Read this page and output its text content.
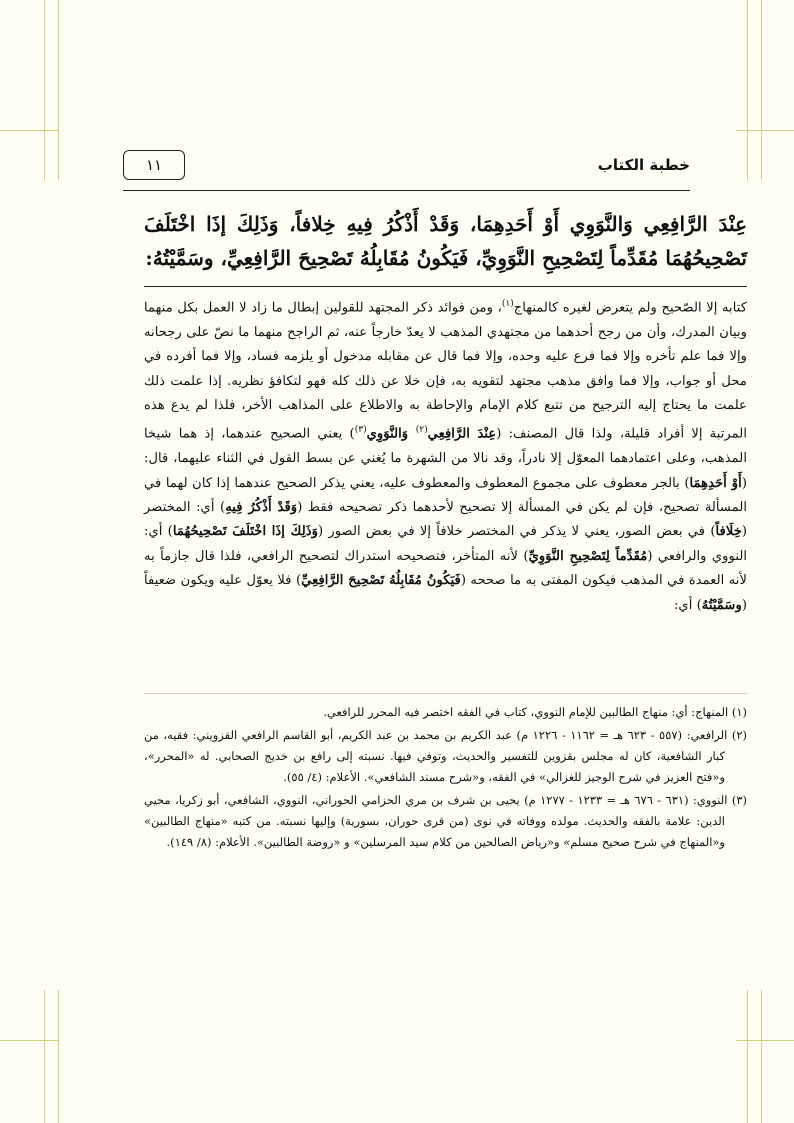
١١	خطبة الكتاب
عِنْدَ الرَّافِعِي وَالنَّوَوِي أَوْ أَحَدِهِمَا، وَقَدْ أَذْكُرُ فِيهِ خِلافاً، وَذَلِكَ إذَا اخْتَلَفَ تَصْحِيحُهُمَا مُقَدِّماً لِتَصْحِيحِ النَّوَوِيِّ، فَيَكُونُ مُقَابِلُهُ تَصْحِيحَ الرَّافِعِيِّ، وسَمَّيْتُهُ:

كتابه إلا الصّحيح ولم يتعرض لغيره كالمنهاج$^{(١)}$، ومن فوائد ذكر المجتهد للقولين إبطال ما زاد لا العمل بكل منهما وبيان المدرك، وأن من رجح أحدهما من مجتهدي المذهب لا يعدّ خارجاً عنه، ثم الراجح منهما ما نصّ على رجحانه وإلا فما علم تأخره وإلا فما فرع عليه وحده، وإلا فما قال عن مقابله مدخول أو يلزمه فساد، وإلا فما أفرده في محل أو جواب، وإلا فما وافق مذهب مجتهد لتقويه به، فإن خلا عن ذلك كله فهو لتكافؤ نظريه. إذا علمت ذلك علمت ما يحتاج إليه الترجيح من تتبع كلام الإمام والإحاطة به والاطلاع على المذاهب الأخر، فلذا لم يدع هذه المرتبة إلا أفراد قليلة، ولذا قال المصنف: (عِنْدَ الرَّافِعِي$^{(٢)}$ وَالنَّوَوِي$^{(٣)}$) يعني الصحيح عندهما، إذ هما شيخا المذهب، وعلى اعتمادهما المعوّل إلا نادراً، وقد نالا من الشهرة ما يُغني عن بسط القول في الثناء عليهما، قال: (أَوْ أَحَدِهِمَا) بالجر معطوف على مجموع المعطوف والمعطوف عليه، يعني يذكر الصحيح عندهما إذا كان لهما في المسألة تصحيح، فإن لم يكن في المسألة إلا تصحيح لأحدهما ذكر تصحيحه فقط (وَقَدْ أَذْكُرُ فِيهِ) أي: المختصر (خِلَافاً) في بعض الصور، يعني لا يذكر في المختصر خلافاً إلا في بعض الصور (وَذَلِكَ إذَا اخْتَلَفَ تَصْحِيحُهُمَا) أي: النووي والرافعي (مُقَدِّماً لِتَصْحِيحِ النَّوَوِيِّ) لأنه المتأخر، فتصحيحه استدراك لتصحيح الرافعي، فلذا قال جازماً به لأنه العمدة في المذهب فيكون المفتى به ما صححه (فَيَكُونُ مُقَابِلُهُ تَصْحِيحَ الرَّافِعِيِّ) فلا يعوّل عليه ويكون ضعيفاً (وسَمَّيْتُهُ) أي:

(١) المنهاج: أي: منهاج الطالبين للإمام النووي، كتاب في الفقه اختصر فيه المحرر للرافعي.

(٢) الرافعي: (٥٥٧ - ٦٢٣ هـ = ١١٦٢ - ١٢٢٦ م) عبد الكريم بن محمد بن عبد الكريم، أبو القاسم الرافعي القزويني: فقيه، من كبار الشافعية، كان له مجلس بقزوين للتفسير والحديث، وتوفي فيها. نسبته إلى رافع بن خديج الصحابي. له «المحرر»، و«فتح العزيز في شرح الوجيز للغزالي» في الفقه، و«شرح مسند الشافعي». الأعلام: (٤/ ٥٥).

(٣) النووي: (٦٣١ - ٦٧٦ هـ = ١٢٣٣ - ١٢٧٧ م) يحيى بن شرف بن مري الحزامي الحوراني، النووي، الشافعي، أبو زكريا، محيي الدين: علامة بالفقه والحديث. مولده ووفاته في نوى (من قرى حوران، بسورية) وإليها نسبته. من كتبه «منهاج الطالبين» و«المنهاج في شرح صحيح مسلم» و«رياض الصالحين من كلام سيد المرسلين» و «روضة الطالبين». الأعلام: (٨/ ١٤٩).
